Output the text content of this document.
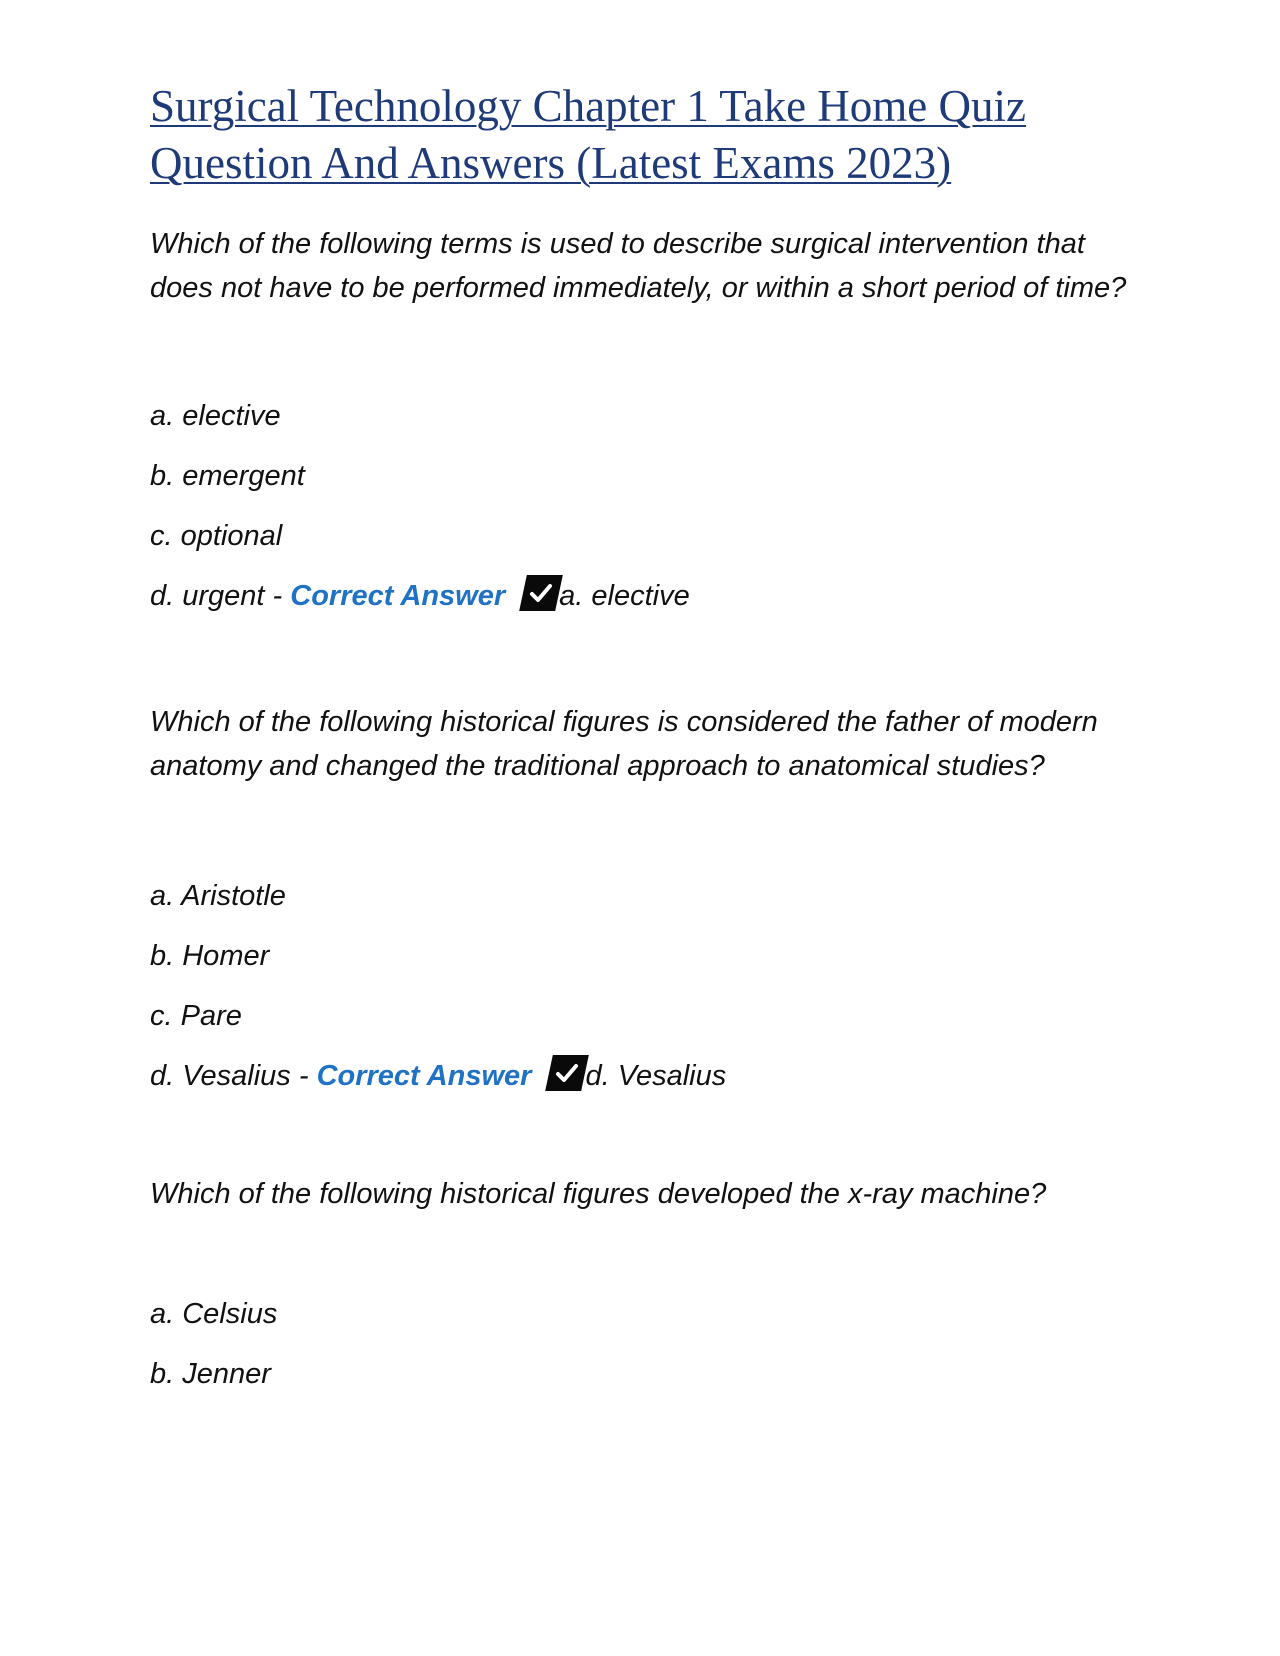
Surgical Technology Chapter 1 Take Home Quiz
Question And Answers (Latest Exams 2023)

Which of the following terms is used to describe surgical intervention that does not have to be performed immediately, or within a short period of time?

a. elective
b. emergent
c. optional
d. urgent - Correct Answer a. elective

Which of the following historical figures is considered the father of modern anatomy and changed the traditional approach to anatomical studies?

a. Aristotle
b. Homer
c. Pare
d. Vesalius - Correct Answer d. Vesalius

Which of the following historical figures developed the x-ray machine?

a. Celsius
b. Jenner
